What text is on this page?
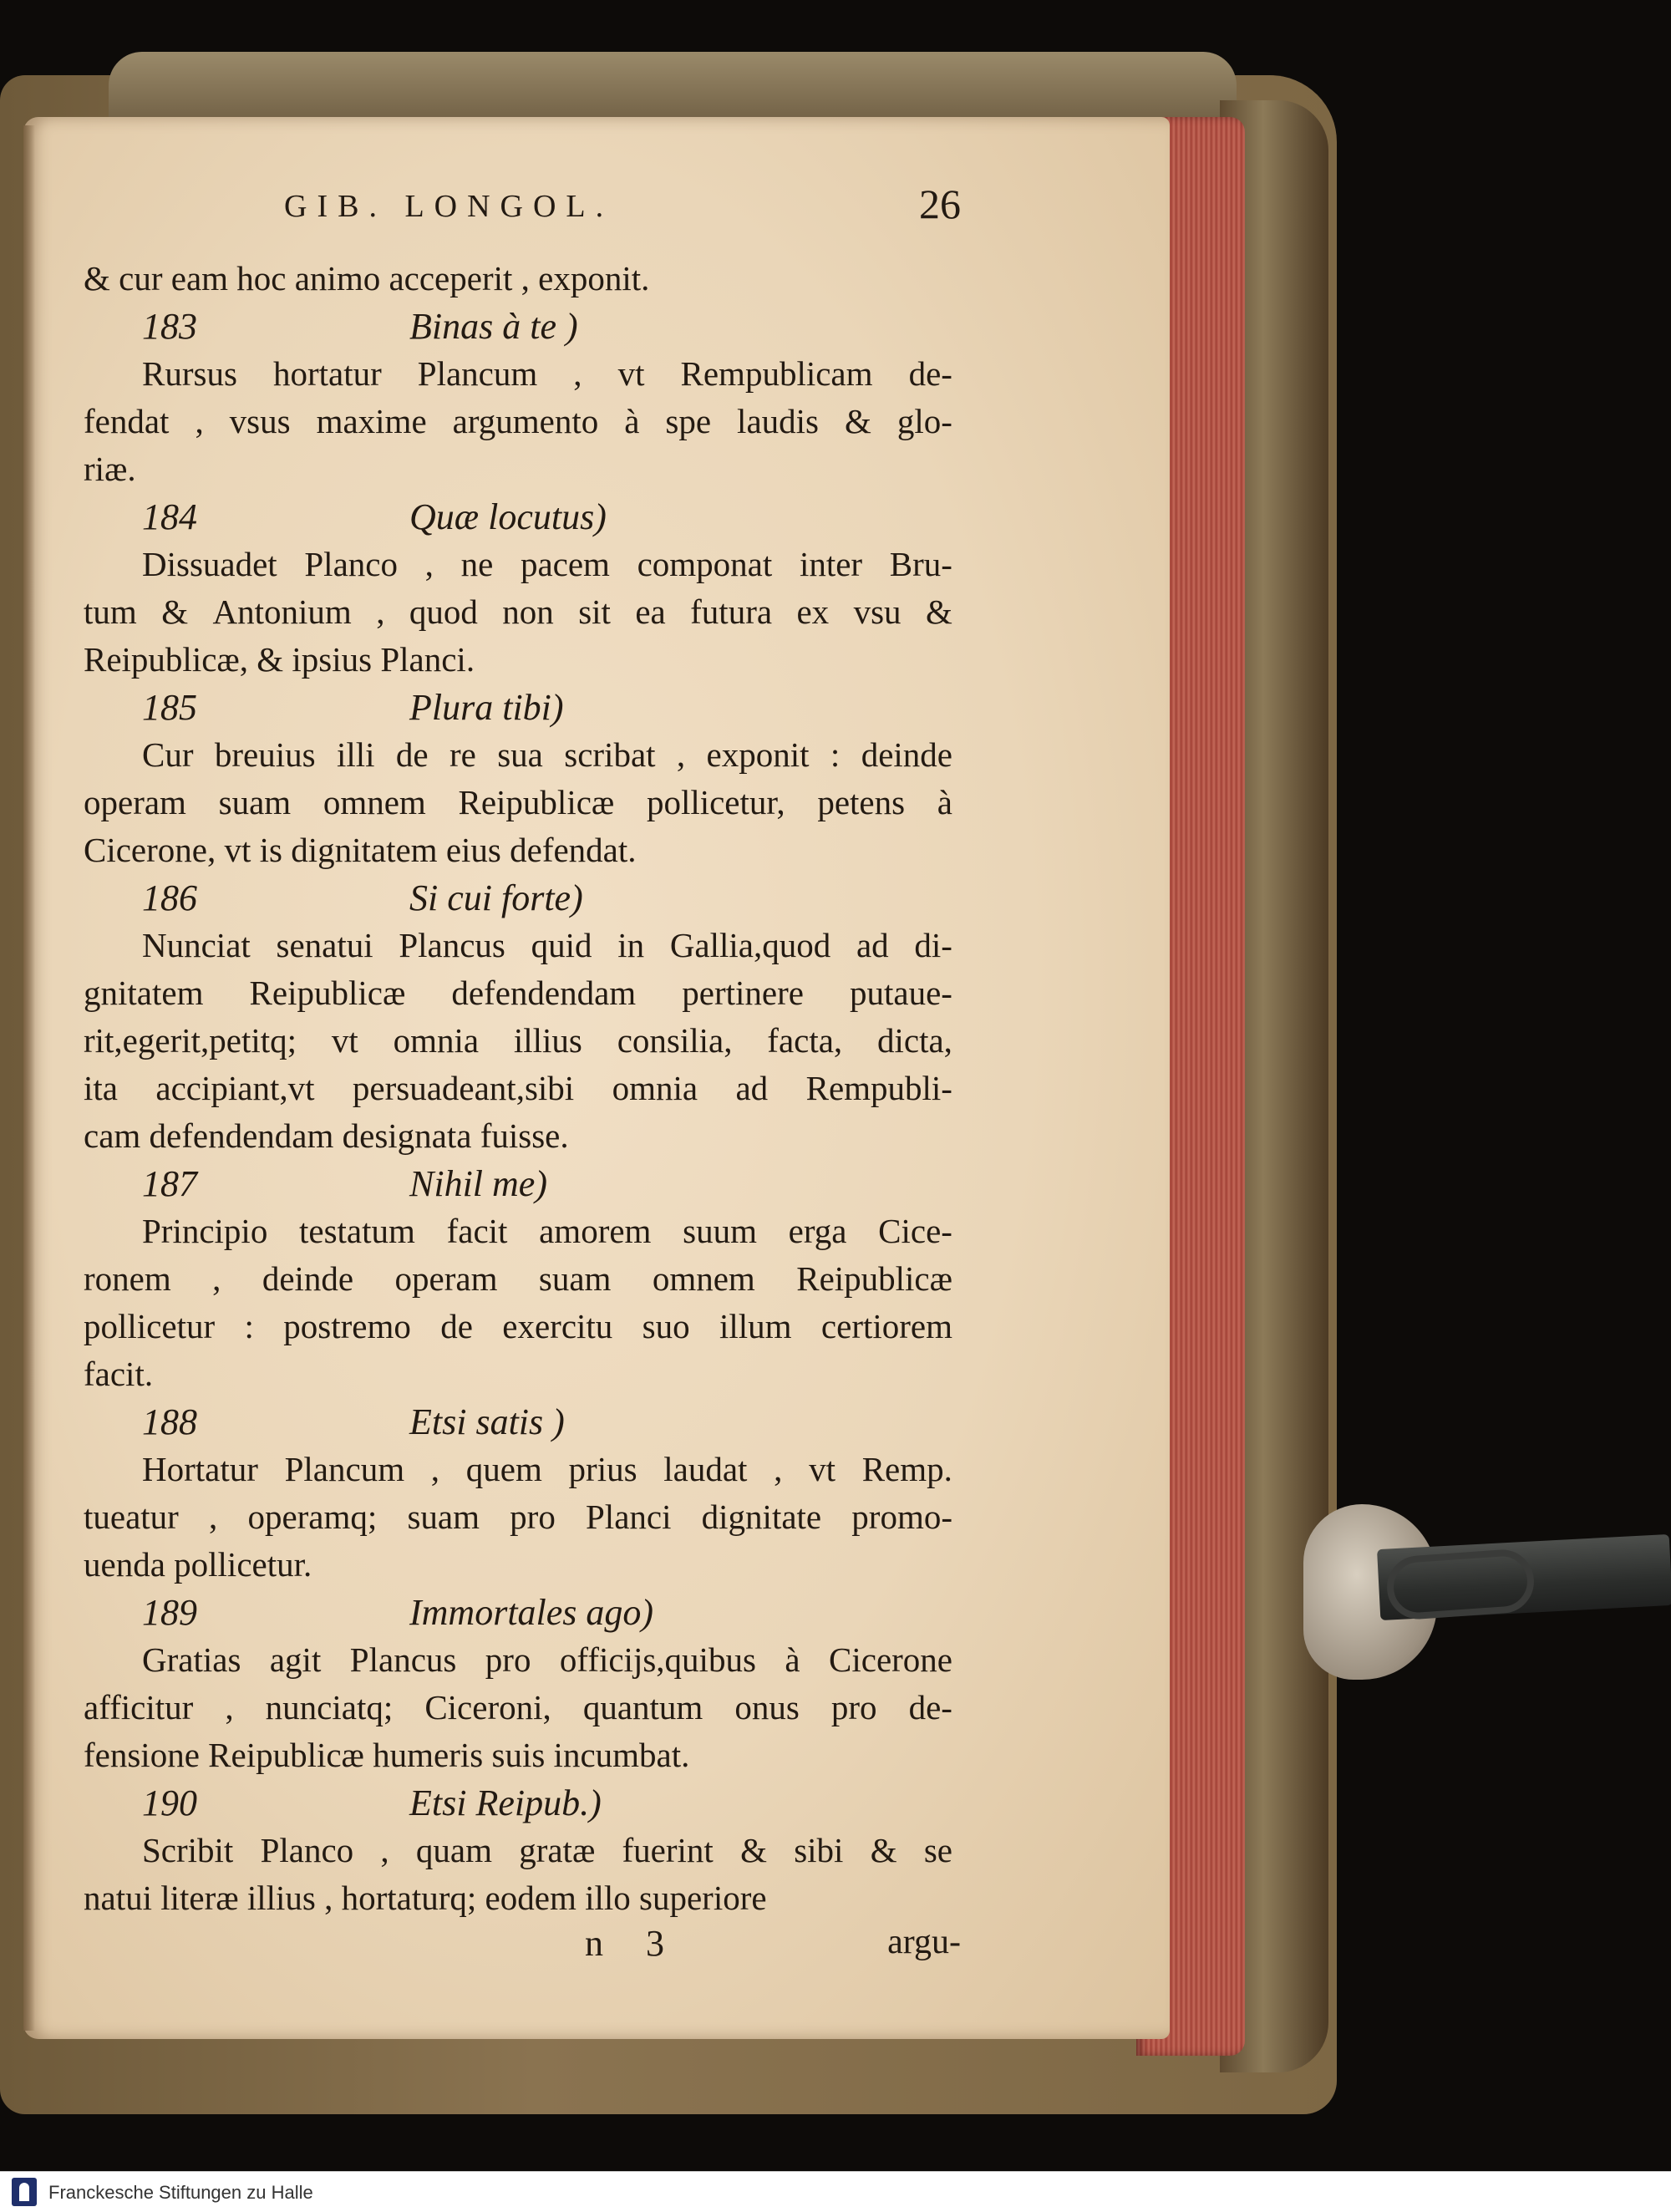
GIB. LONGOL.	26
& cur eam hoc animo acceperit , exponit.
183	Binas à te )
Rursus hortatur Plancum , vt Rempublicam de-
fendat , vsus maxime argumento à spe laudis & glo-
riæ.
184	Quæ locutus)
Dissuadet Planco , ne pacem componat inter Bru-
tum & Antonium , quod non sit ea futura ex vsu &
Reipublicæ, & ipsius Planci.
185	Plura tibi)
Cur breuius illi de re sua scribat , exponit : deinde
operam suam omnem Reipublicæ pollicetur, petens à
Cicerone, vt is dignitatem eius defendat.
186	Si cui forte)
Nunciat senatui Plancus quid in Gallia,quod ad di-
gnitatem Reipublicæ defendendam pertinere putaue-
rit,egerit,petitq; vt omnia illius consilia, facta, dicta,
ita accipiant,vt persuadeant,sibi omnia ad Rempubli-
cam defendendam designata fuisse.
187	Nihil me)
Principio testatum facit amorem suum erga Cice-
ronem , deinde operam suam omnem Reipublicæ
pollicetur : postremo de exercitu suo illum certiorem
facit.
188	Etsi satis )
Hortatur Plancum , quem prius laudat , vt Remp.
tueatur , operamq; suam pro Planci dignitate promo-
uenda pollicetur.
189	Immortales ago)
Gratias agit Plancus pro officijs,quibus à Cicerone
afficitur , nunciatq; Ciceroni, quantum onus pro de-
fensione Reipublicæ humeris suis incumbat.
190	Etsi Reipub.)
Scribit Planco , quam gratæ fuerint & sibi & se
natui literæ illius , hortaturq; eodem illo superiore
n 3	argu-
Franckesche Stiftungen zu Halle
